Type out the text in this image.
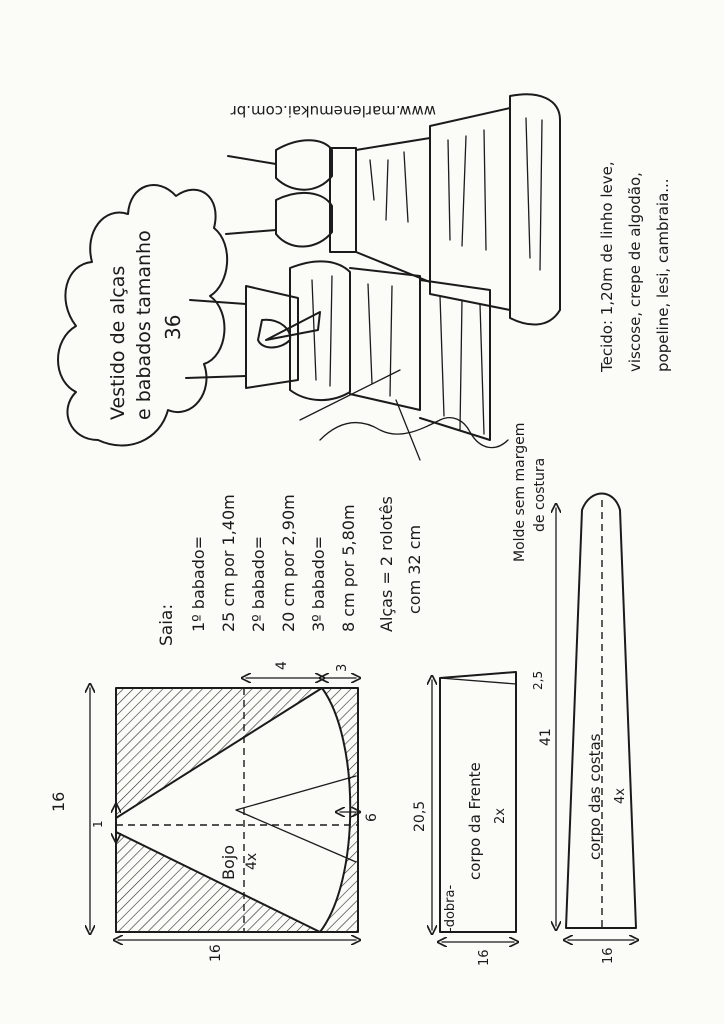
Vestido de alças e babados tamanho 36
www.marlenemukai.com.br
Tecido: 1,20m de linho leve, viscose, crepe de algodão, popeline, lesi, cambraia...
Molde sem margem de costura
Saia: 1º babado= 25 cm por 1,40m 2º babado= 20 cm por 2,90m 3º babado= 8 cm por 5,80m Alças = 2 rolotês com 32 cm
Bojo 4x
16
16
1
4	3
6 20,5
16
2,5
corpo da Frente 2x
-dobra-
41
16
corpo das costas 4x
